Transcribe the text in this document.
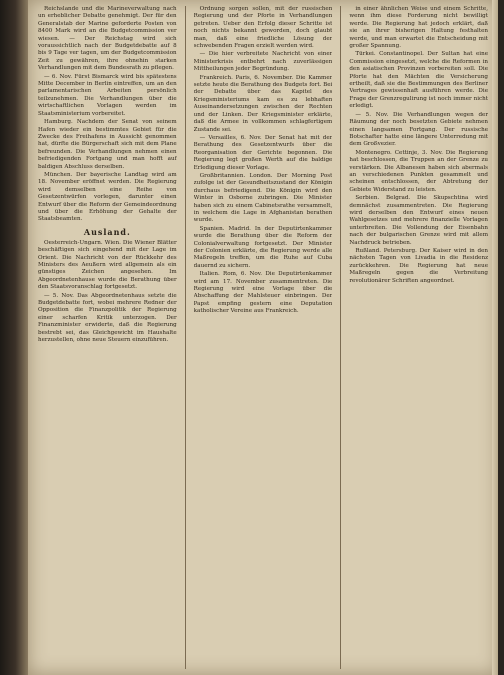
Reichslande und die Marineverwaltung nach un erheblicher Debatte genehmigt. Der für den Generalstab der Marine geforderte Posten von 8400 Mark wird an die Budgetcommission ver wiesen. — Der Reichstag wird sich voraussichtlich nach der Budgetdebatte auf 8 bis 9 Tage ver tagen, um der Budgetcommission Zeit zu gewähren, ihre ohnehin starken Verhandlungen mit dem Bundesrath zu pflegen.

— 6. Nov. Fürst Bismarck wird bis spätestens Mitte December in Berlin eintreffen, um an den parlamentarischen Arbeiten persönlich teilzunehmen. Die Verhandlungen über die wirtschaftlichen Vorlagen werden im Staatsministerium vorbereitet.

Hamburg. Nachdem der Senat von seinem Hafen wieder ein bestimmtes Gebiet für die Zwecke des Freihafens in Aussicht genommen hat, dürfte die Bürgerschaft sich mit dem Plane befreunden. Die Verhandlungen nehmen einen befriedigenden Fortgang und man hofft auf baldigen Abschluss derselben.

München. Der bayerische Landtag wird am 18. November eröffnet werden. Die Regierung wird demselben eine Reihe von Gesetzentwürfen vorlegen, darunter einen Entwurf über die Reform der Gemeindeordnung und über die Erhöhung der Gehalte der Staatsbeamten.

Ausland.

Oesterreich-Ungarn. Wien. Die Wiener Blätter beschäftigen sich eingehend mit der Lage im Orient. Die Nachricht von der Rückkehr des Ministers des Aeußern wird allgemein als ein günstiges Zeichen angesehen. Im Abgeordnetenhause wurde die Berathung über den Staatsvoranschlag fortgesetzt.

— 5. Nov. Das Abgeordnetenhaus setzte die Budgetdebatte fort, wobei mehrere Redner der Opposition die Finanzpolitik der Regierung einer scharfen Kritik unterzogen. Der Finanzminister erwiderte, daß die Regierung bestrebt sei, das Gleichgewicht im Haushalte herzustellen, ohne neue Steuern einzuführen.

Ordnung sorgen sollen, mit der russischen Regierung und der Pforte in Verhandlungen getreten. Ueber den Erfolg dieser Schritte ist noch nichts bekannt geworden, doch glaubt man, daß eine friedliche Lösung der schwebenden Fragen erzielt werden wird.

— Die hier verbreitete Nachricht von einer Ministerkrisis entbehrt nach zuverlässigen Mittheilungen jeder Begründung.

Frankreich. Paris, 6. November. Die Kammer setzte heute die Berathung des Budgets fort. Bei der Debatte über das Kapitel des Kriegsministeriums kam es zu lebhaften Auseinandersetzungen zwischen der Rechten und der Linken. Der Kriegsminister erklärte, daß die Armee in vollkommen schlagfertigem Zustande sei.

— Versailles, 6. Nov. Der Senat hat mit der Berathung des Gesetzentwurfs über die Reorganisation der Gerichte begonnen. Die Regierung legt großen Werth auf die baldige Erledigung dieser Vorlage.

Großbritannien. London. Der Morning Post zufolge ist der Gesundheitszustand der Königin durchaus befriedigend. Die Königin wird den Winter in Osborne zubringen. Die Minister haben sich zu einem Cabinetsrathe versammelt, in welchem die Lage in Afghanistan berathen wurde.

Spanien. Madrid. In der Deputirtenkammer wurde die Berathung über die Reform der Colonialverwaltung fortgesetzt. Der Minister der Colonien erklärte, die Regierung werde alle Maßregeln treffen, um die Ruhe auf Cuba dauernd zu sichern.

Italien. Rom, 6. Nov. Die Deputirtenkammer wird am 17. November zusammentreten. Die Regierung wird eine Vorlage über die Abschaffung der Mahlsteuer einbringen. Der Papst empfing gestern eine Deputation katholischer Vereine aus Frankreich.

in einer ähnlichen Weise und einem Schritte, wenn ihm diese Forderung nicht bewilligt werde. Die Regierung hat jedoch erklärt, daß sie an ihrer bisherigen Haltung festhalten werde, und man erwartet die Entscheidung mit großer Spannung.

Türkei. Constantinopel. Der Sultan hat eine Commission eingesetzt, welche die Reformen in den asiatischen Provinzen vorbereiten soll. Die Pforte hat den Mächten die Versicherung ertheilt, daß sie die Bestimmungen des Berliner Vertrages gewissenhaft ausführen werde. Die Frage der Grenzregulirung ist noch immer nicht erledigt.

— 5. Nov. Die Verhandlungen wegen der Räumung der noch besetzten Gebiete nehmen einen langsamen Fortgang. Der russische Botschafter hatte eine längere Unterredung mit dem Großvezier.

Montenegro. Cettinje, 3. Nov. Die Regierung hat beschlossen, die Truppen an der Grenze zu verstärken. Die Albanesen haben sich abermals an verschiedenen Punkten gesammelt und scheinen entschlossen, der Abtretung der Gebiete Widerstand zu leisten.

Serbien. Belgrad. Die Skupschtina wird demnächst zusammentreten. Die Regierung wird derselben den Entwurf eines neuen Wahlgesetzes und mehrere finanzielle Vorlagen unterbreiten. Die Vollendung der Eisenbahn nach der bulgarischen Grenze wird mit allem Nachdruck betrieben.

Rußland. Petersburg. Der Kaiser wird in den nächsten Tagen von Livadia in die Residenz zurückkehren. Die Regierung hat neue Maßregeln gegen die Verbreitung revolutionärer Schriften angeordnet.
